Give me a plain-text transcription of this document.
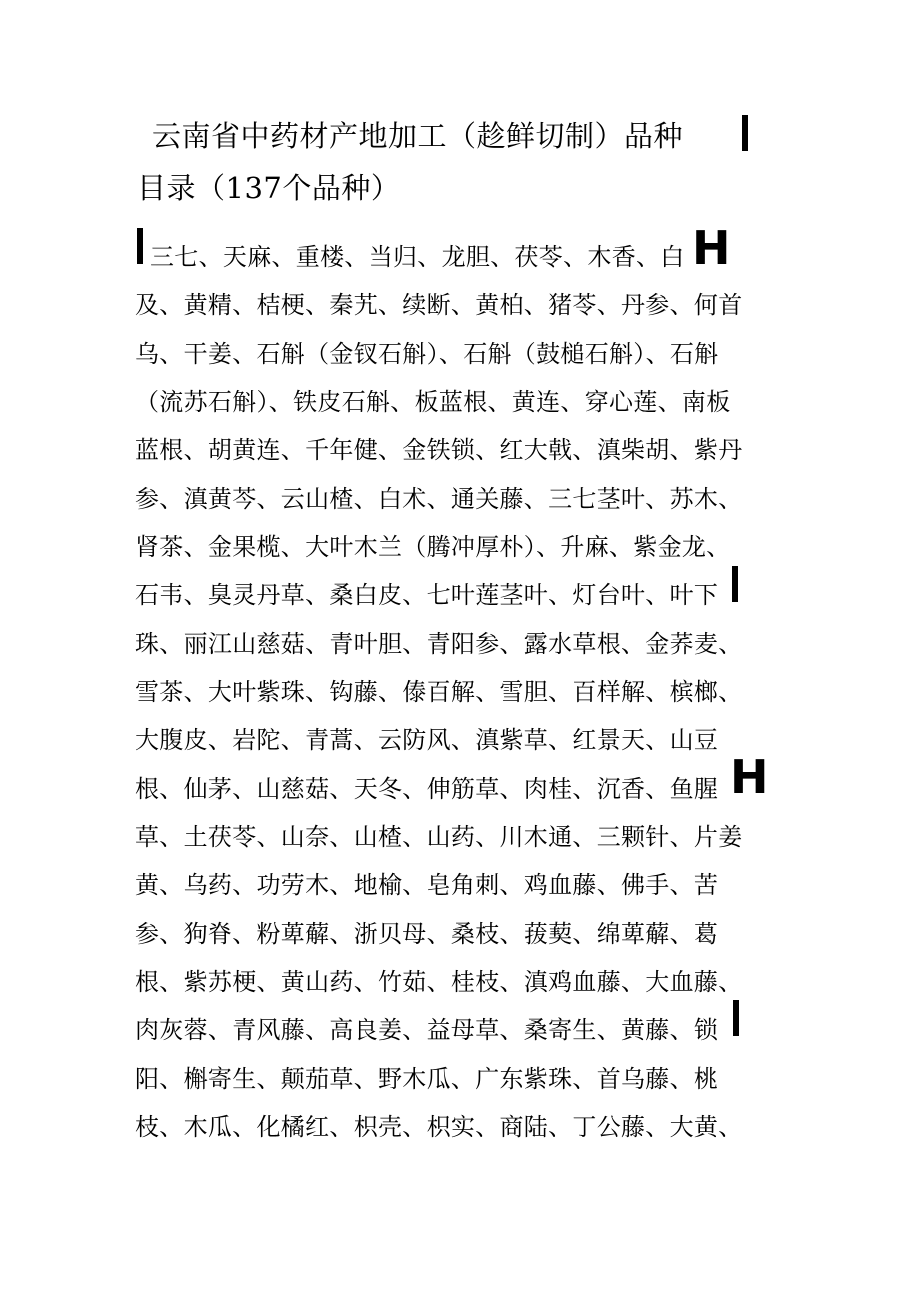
云南省中药材产地加工（趁鲜切制）品种
目录（137个品种）
三七、天麻、重楼、当归、龙胆、茯苓、木香、白 H
及、黄精、桔梗、秦艽、续断、黄柏、猪苓、丹参、何首
乌、干姜、石斛（金钗石斛）、石斛（鼓槌石斛）、石斛
（流苏石斛）、铁皮石斛、板蓝根、黄连、穿心莲、南板
蓝根、胡黄连、千年健、金铁锁、红大戟、滇柴胡、紫丹
参、滇黄芩、云山楂、白术、通关藤、三七茎叶、苏木、
肾茶、金果榄、大叶木兰（腾冲厚朴）、升麻、紫金龙、
石韦、臭灵丹草、桑白皮、七叶莲茎叶、灯台叶、叶下
珠、丽江山慈菇、青叶胆、青阳参、露水草根、金荞麦、
雪茶、大叶紫珠、钩藤、傣百解、雪胆、百样解、槟榔、
大腹皮、岩陀、青蒿、云防风、滇紫草、红景天、山豆
根、仙茅、山慈菇、天冬、伸筋草、肉桂、沉香、鱼腥 H
草、土茯苓、山奈、山楂、山药、川木通、三颗针、片姜
黄、乌药、功劳木、地榆、皂角刺、鸡血藤、佛手、苦
参、狗脊、粉萆薢、浙贝母、桑枝、菝葜、绵萆薢、葛
根、紫苏梗、黄山药、竹茹、桂枝、滇鸡血藤、大血藤、
肉灰蓉、青风藤、高良姜、益母草、桑寄生、黄藤、锁
阳、槲寄生、颠茄草、野木瓜、广东紫珠、首乌藤、桃
枝、木瓜、化橘红、枳壳、枳实、商陆、丁公藤、大黄、
